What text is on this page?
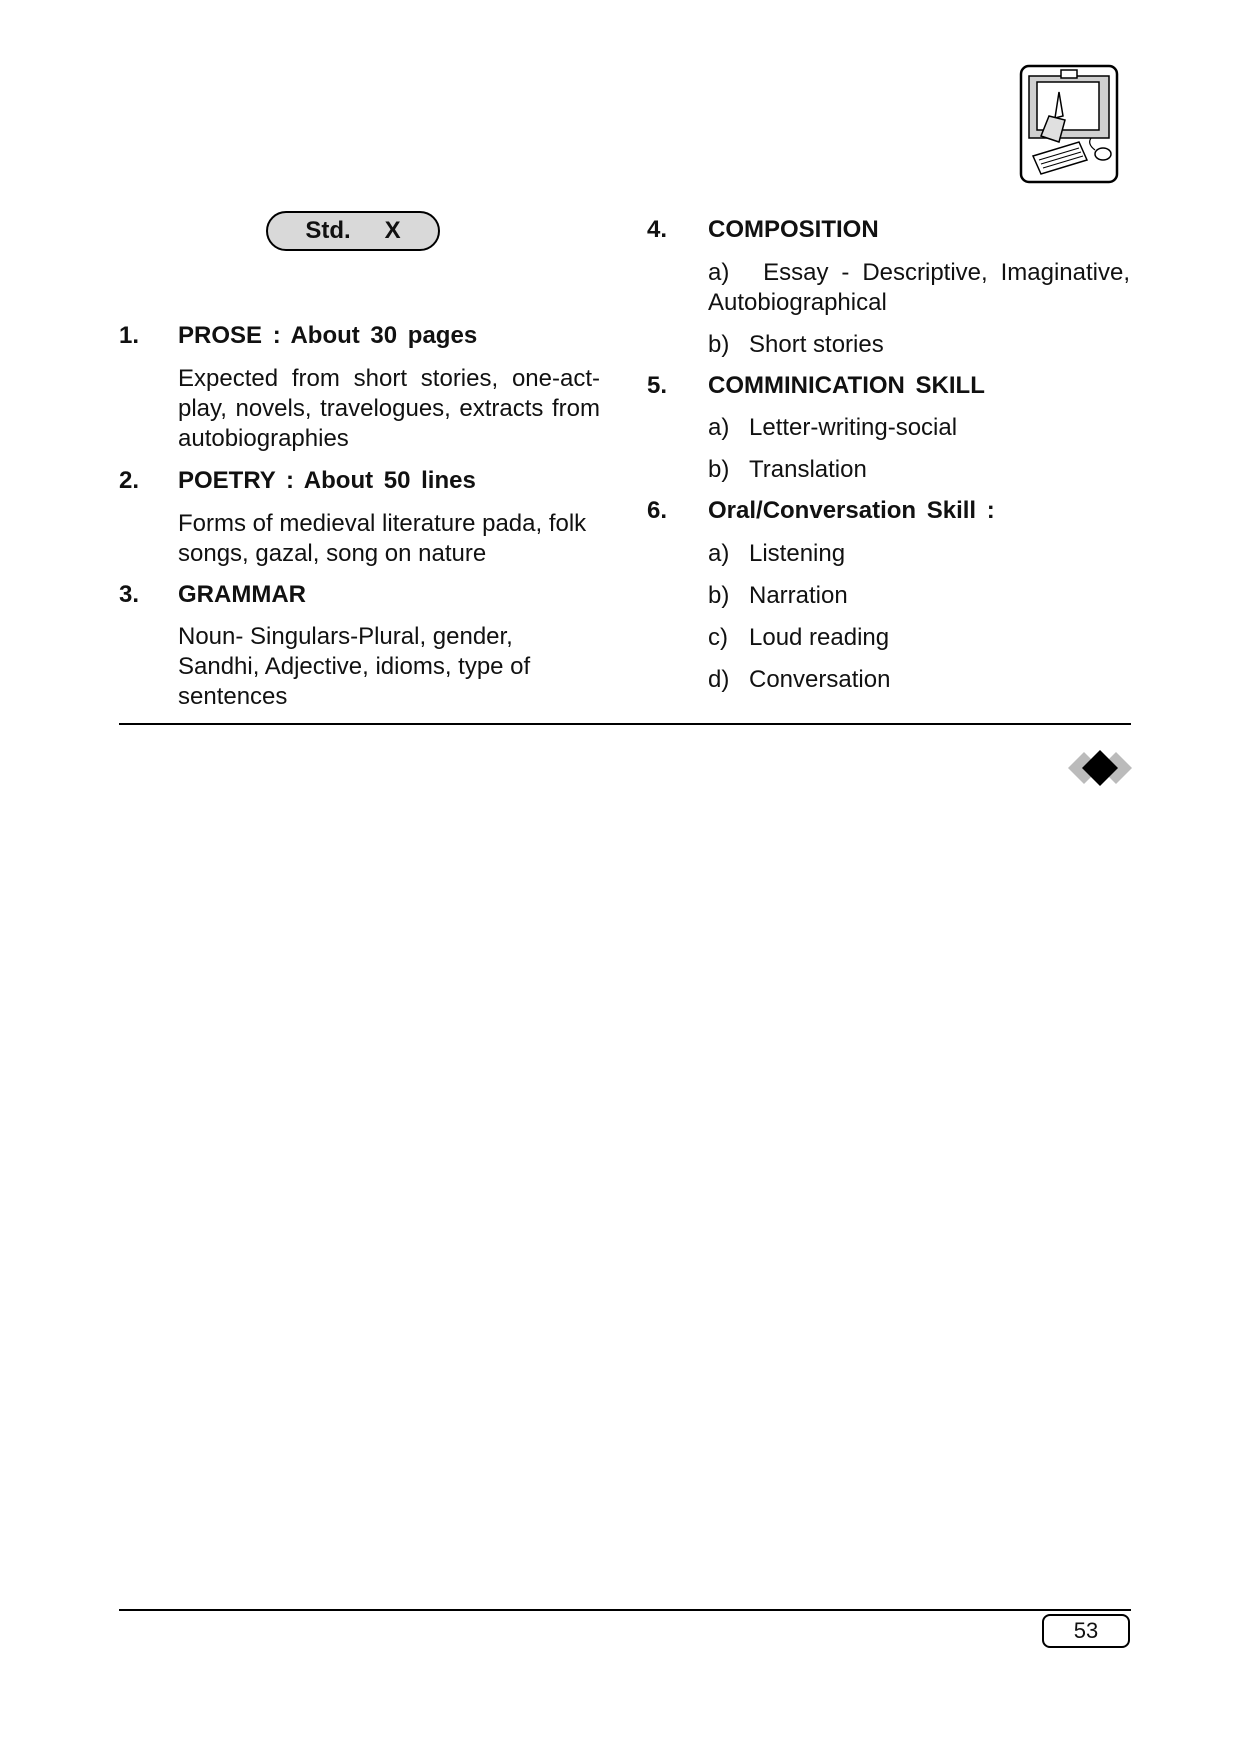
Std. X
1. PROSE : About 30 pages
Expected from short stories, one-act-play, novels, travelogues, extracts from autobiographies
2. POETRY : About 50 lines
Forms of medieval literature pada, folk songs, gazal, song on nature
3. GRAMMAR
Noun- Singulars-Plural, gender, Sandhi, Adjective, idioms, type of sentences
4. COMPOSITION
a) Essay - Descriptive, Imaginative, Autobiographical
b) Short stories
5. COMMINICATION SKILL
a) Letter-writing-social
b) Translation
6. Oral/Conversation Skill :
a) Listening
b) Narration
c) Loud reading
d) Conversation
53
